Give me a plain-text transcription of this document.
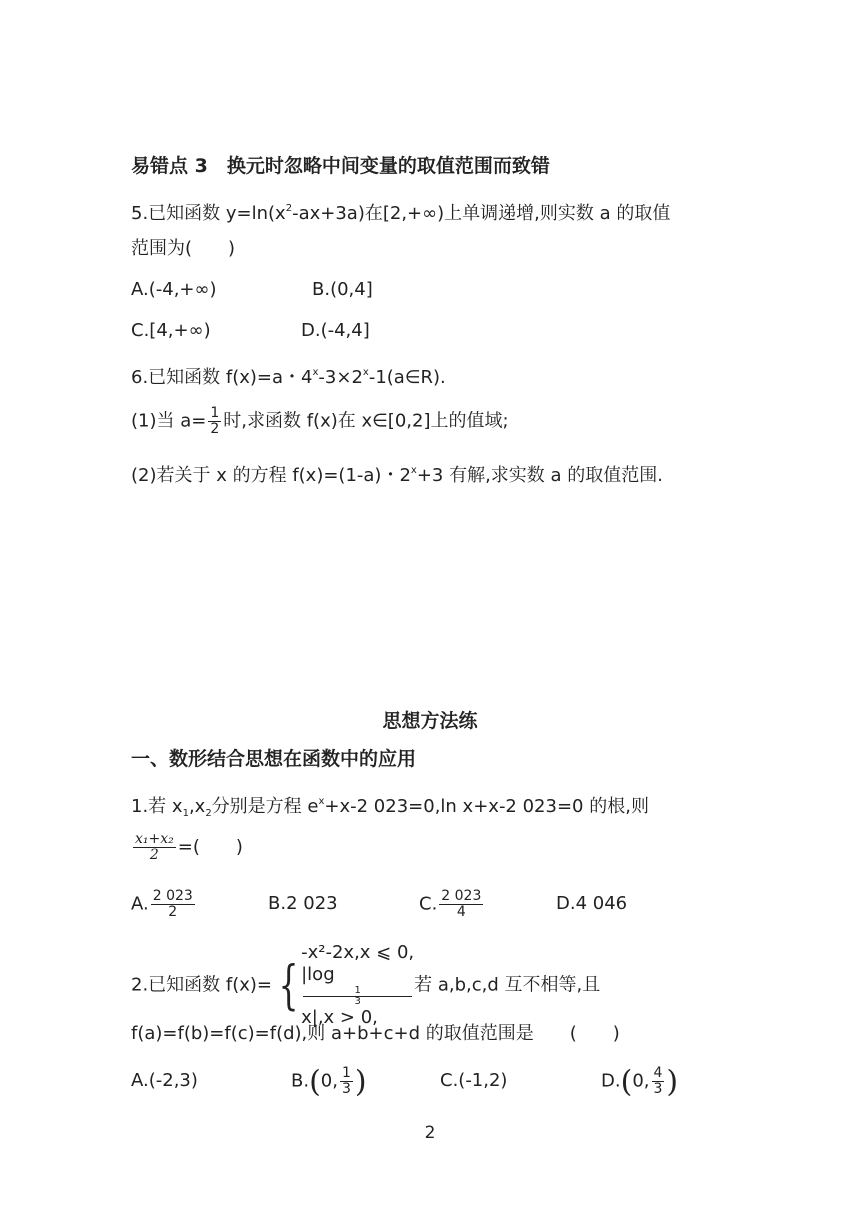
易错点 3　换元时忽略中间变量的取值范围而致错
5.已知函数 $y=\ln(x^2-ax+3a)$在[2,+∞)上单调递增,则实数 a 的取值
范围为(　　)
A.(-4,+∞)	B.(0,4]
C.[4,+∞)	D.(-4,4]
6.已知函数 f(x)=a・$4^x-3\times 2^x-1(a\in R)$.
(1)当 $a= \frac{1}{2}$ 时,求函数 f(x)在 x∈[0,2]上的值域;
(2)若关于 x 的方程 f(x)=(1-a)・$2^x+3$ 有解,求实数 a 的取值范围.
思想方法练
一、数形结合思想在函数中的应用
1.若 $x_1,x_2$分别是方程 $e^x+x-2$ 023=0,ln x+x-2 023=0 的根,则
$\frac{\text{x₁+x₂}}{2}$ =(　　)
A. $\frac{2 023}{2}$	B.2 023	C. $\frac{2 023}{4}$	D.4 046
2.已知函数 f(x)= {
-x²-2x,x ⩽ 0,
|log
1
3
x|,x > 0,
若 a,b,c,d 互不相等,且
f(a)=f(b)=f(c)=f(d),则 a+b+c+d 的取值范围是　　(　　)
A.(-2,3)	B.(0, $\frac{1}{3}$ )	C.(-1,2)	D.(0, $\frac{4}{3}$ )
2
